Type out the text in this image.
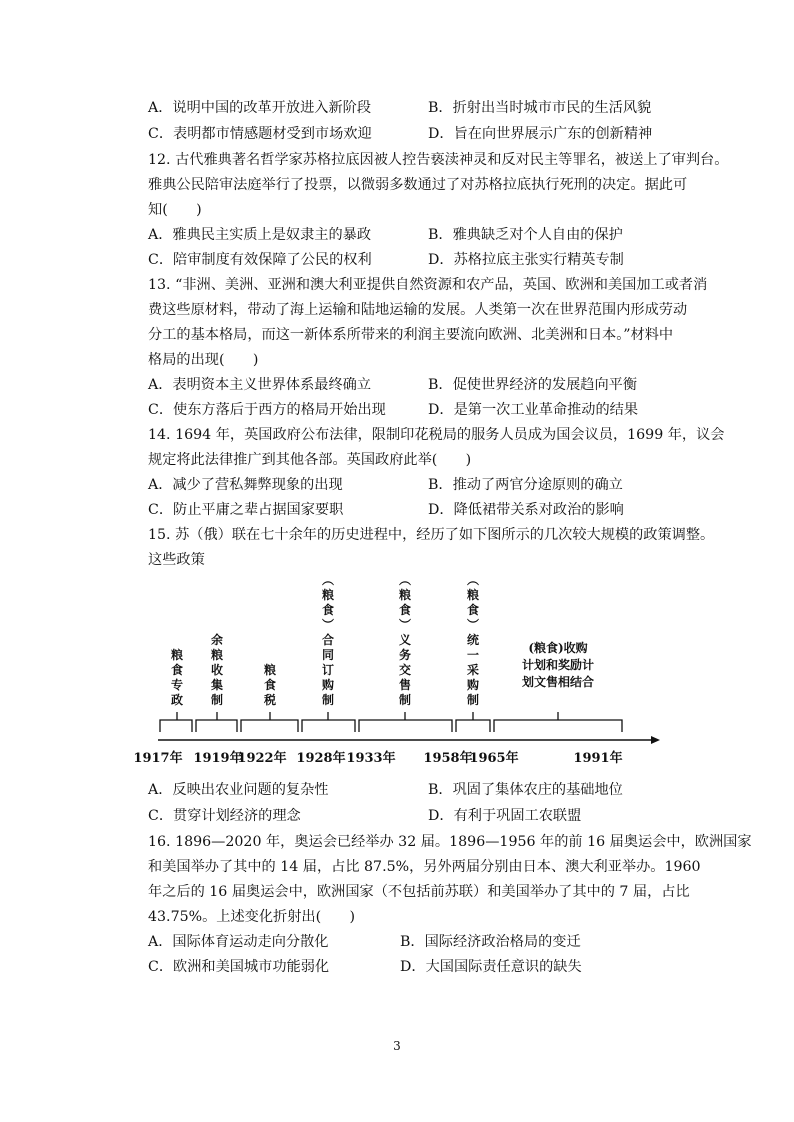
A．说明中国的改革开放进入新阶段	B．折射出当时城市市民的生活风貌
C．表明都市情感题材受到市场欢迎	D．旨在向世界展示广东的创新精神
12. 古代雅典著名哲学家苏格拉底因被人控告亵渎神灵和反对民主等罪名，被送上了审判台。
雅典公民陪审法庭举行了投票，以微弱多数通过了对苏格拉底执行死刑的决定。据此可
知(　　)
A．雅典民主实质上是奴隶主的暴政	B．雅典缺乏对个人自由的保护
C．陪审制度有效保障了公民的权利	D．苏格拉底主张实行精英专制
13. “非洲、美洲、亚洲和澳大利亚提供自然资源和农产品，英国、欧洲和美国加工或者消
费这些原材料，带动了海上运输和陆地运输的发展。人类第一次在世界范围内形成劳动
分工的基本格局，而这一新体系所带来的利润主要流向欧洲、北美洲和日本。”材料中
格局的出现(　　)
A．表明资本主义世界体系最终确立	B．促使世界经济的发展趋向平衡
C．使东方落后于西方的格局开始出现	D．是第一次工业革命推动的结果
14. 1694 年，英国政府公布法律，限制印花税局的服务人员成为国会议员，1699 年，议会
规定将此法律推广到其他各部。英国政府此举(　　)
A．减少了营私舞弊现象的出现	B．推动了两官分途原则的确立
C．防止平庸之辈占据国家要职	D．降低裙带关系对政治的影响
15. 苏（俄）联在七十余年的历史进程中，经历了如下图所示的几次较大规模的政策调整。
这些政策
粮食专政
余粮收集制
粮食税
︵粮食︶合同订购制
︵粮食︶义务交售制
︵粮食︶统一采购制
(粮食)收购计划和奖励计划文售相结合
1917年 1919年
1922年 1928年 1933年 1958年
1965年	1991年
A．反映出农业问题的复杂性	B．巩固了集体农庄的基础地位
C．贯穿计划经济的理念	D．有利于巩固工农联盟
16. 1896—2020 年，奥运会已经举办 32 届。1896—1956 年的前 16 届奥运会中，欧洲国家
和美国举办了其中的 14 届，占比 87.5%，另外两届分别由日本、澳大利亚举办。1960
年之后的 16 届奥运会中，欧洲国家（不包括前苏联）和美国举办了其中的 7 届，占比
43.75%。上述变化折射出(　　)
A．国际体育运动走向分散化	B．国际经济政治格局的变迁
C．欧洲和美国城市功能弱化	D．大国国际责任意识的缺失
3
